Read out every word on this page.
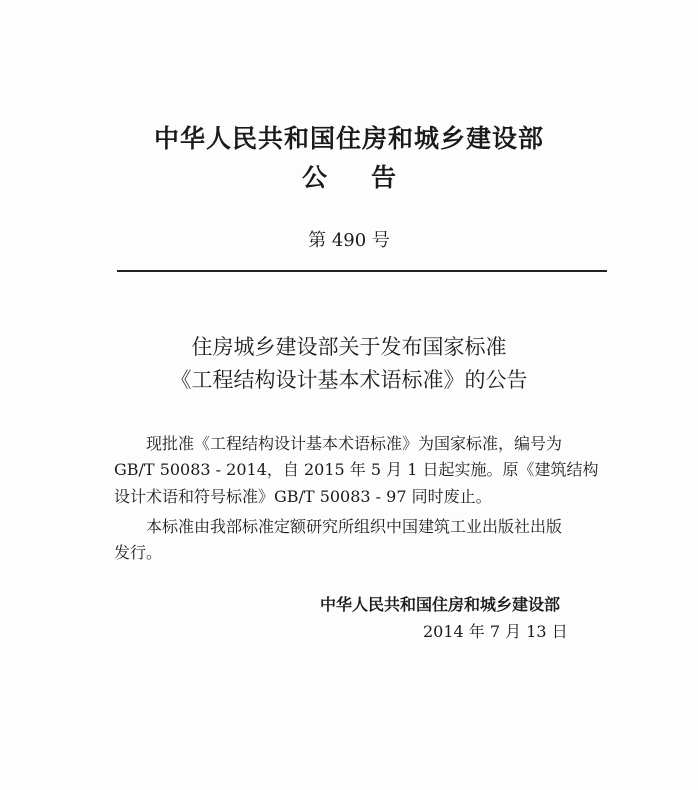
中华人民共和国住房和城乡建设部
公 告
第 490 号
住房城乡建设部关于发布国家标准
《工程结构设计基本术语标准》的公告
现批准《工程结构设计基本术语标准》为国家标准，编号为
GB/T 50083 - 2014，自 2015 年 5 月 1 日起实施。原《建筑结构
设计术语和符号标准》GB/T 50083 - 97 同时废止。
本标准由我部标准定额研究所组织中国建筑工业出版社出版
发行。
中华人民共和国住房和城乡建设部
2014 年 7 月 13 日
